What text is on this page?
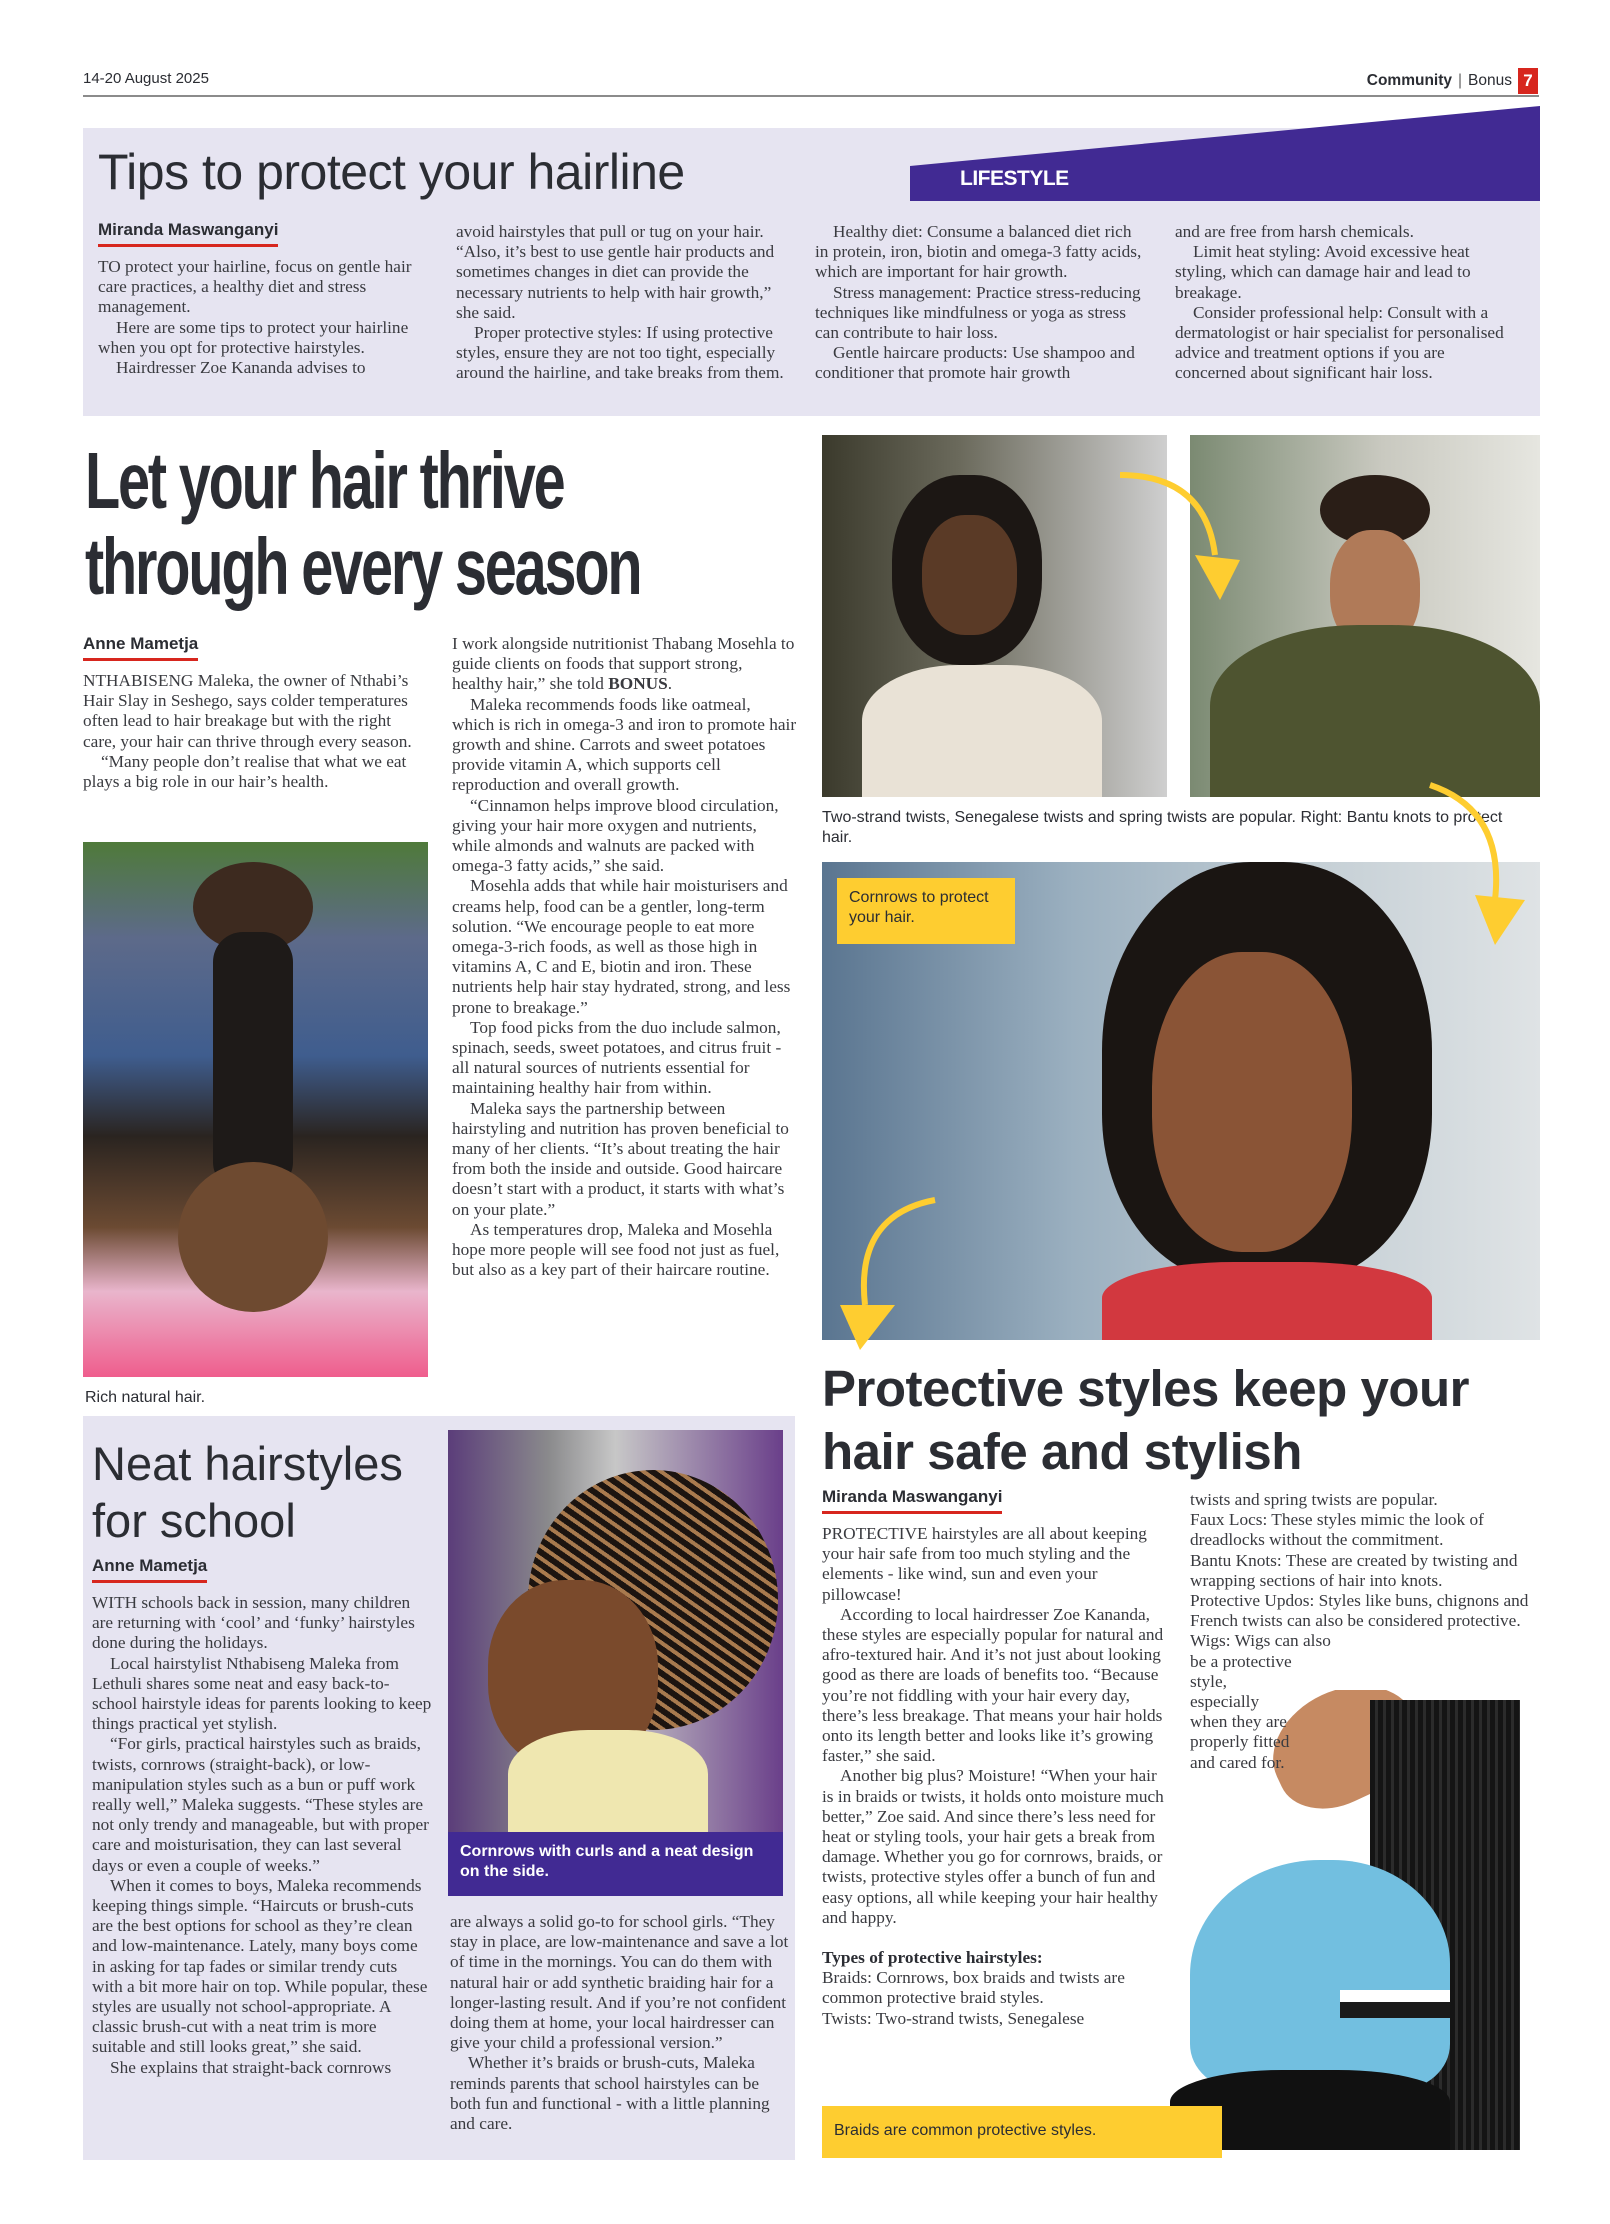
14-20 August 2025	Community | Bonus 7
LIFESTYLE
Tips to protect your hairline
Miranda Maswanganyi

TO protect your hairline, focus on gentle hair care practices, a healthy diet and stress management.

Here are some tips to protect your hairline when you opt for protective hairstyles.

Hairdresser Zoe Kananda advises to

avoid hairstyles that pull or tug on your hair. “Also, it’s best to use gentle hair products and sometimes changes in diet can provide the necessary nutrients to help with hair growth,” she said.

Proper protective styles: If using protective styles, ensure they are not too tight, especially around the hairline, and take breaks from them.

Healthy diet: Consume a balanced diet rich in protein, iron, biotin and omega-3 fatty acids, which are important for hair growth.

Stress management: Practice stress-reducing techniques like mindfulness or yoga as stress can contribute to hair loss.

Gentle haircare products: Use shampoo and conditioner that promote hair growth

and are free from harsh chemicals.

Limit heat styling: Avoid excessive heat styling, which can damage hair and lead to breakage.

Consider professional help: Consult with a dermatologist or hair specialist for personalised advice and treatment options if you are concerned about significant hair loss.

Let your hair thrive
through every season
Anne Mametja

NTHABISENG Maleka, the owner of Nthabi’s Hair Slay in Seshego, says colder temperatures often lead to hair breakage but with the right care, your hair can thrive through every season.

“Many people don’t realise that what we eat plays a big role in our hair’s health.

Rich natural hair.

I work alongside nutritionist Thabang Mosehla to guide clients on foods that support strong, healthy hair,” she told BONUS.

Maleka recommends foods like oatmeal, which is rich in omega-3 and iron to promote hair growth and shine. Carrots and sweet potatoes provide vitamin A, which supports cell reproduction and overall growth.

“Cinnamon helps improve blood circulation, giving your hair more oxygen and nutrients, while almonds and walnuts are packed with omega-3 fatty acids,” she said.

Mosehla adds that while hair moisturisers and creams help, food can be a gentler, long-term solution. “We encourage people to eat more omega-3-rich foods, as well as those high in vitamins A, C and E, biotin and iron. These nutrients help hair stay hydrated, strong, and less prone to breakage.”

Top food picks from the duo include salmon, spinach, seeds, sweet potatoes, and citrus fruit - all natural sources of nutrients essential for maintaining healthy hair from within.

Maleka says the partnership between hairstyling and nutrition has proven beneficial to many of her clients. “It’s about treating the hair from both the inside and outside. Good haircare doesn’t start with a product, it starts with what’s on your plate.”

As temperatures drop, Maleka and Mosehla hope more people will see food not just as fuel, but also as a key part of their haircare routine.

Two-strand twists, Senegalese twists and spring twists are popular. Right: Bantu knots to protect hair.
Cornrows to protect your hair.
Neat hairstyles
for school
Anne Mametja

WITH schools back in session, many children are returning with ‘cool’ and ‘funky’ hairstyles done during the holidays.

Local hairstylist Nthabiseng Maleka from Lethuli shares some neat and easy back-to-school hairstyle ideas for parents looking to keep things practical yet stylish.

“For girls, practical hairstyles such as braids, twists, cornrows (straight-back), or low-manipulation styles such as a bun or puff work really well,” Maleka suggests. “These styles are not only trendy and manageable, but with proper care and moisturisation, they can last several days or even a couple of weeks.”

When it comes to boys, Maleka recommends keeping things simple. “Haircuts or brush-cuts are the best options for school as they’re clean and low-maintenance. Lately, many boys come in asking for tap fades or similar trendy cuts with a bit more hair on top. While popular, these styles are usually not school-appropriate. A classic brush-cut with a neat trim is more suitable and still looks great,” she said.

She explains that straight-back cornrows

Cornrows with curls and a neat design on the side.

are always a solid go-to for school girls. “They stay in place, are low-maintenance and save a lot of time in the mornings. You can do them with natural hair or add synthetic braiding hair for a longer-lasting result. And if you’re not confident doing them at home, your local hairdresser can give your child a professional version.”

Whether it’s braids or brush-cuts, Maleka reminds parents that school hairstyles can be both fun and functional - with a little planning and care.

Protective styles keep your
hair safe and stylish
Miranda Maswanganyi

PROTECTIVE hairstyles are all about keeping your hair safe from too much styling and the elements - like wind, sun and even your pillowcase!

According to local hairdresser Zoe Kananda, these styles are especially popular for natural and afro-textured hair. And it’s not just about looking good as there are loads of benefits too. “Because you’re not fiddling with your hair every day, there’s less breakage. That means your hair holds onto its length better and looks like it’s growing faster,” she said.

Another big plus? Moisture! “When your hair is in braids or twists, it holds onto moisture much better,” Zoe said. And since there’s less need for heat or styling tools, your hair gets a break from damage. Whether you go for cornrows, braids, or twists, protective styles offer a bunch of fun and easy options, all while keeping your hair healthy and happy.

Types of protective hairstyles:

Braids: Cornrows, box braids and twists are common protective braid styles.

Twists: Two-strand twists, Senegalese

twists and spring twists are popular.

Faux Locs: These styles mimic the look of dreadlocks without the commitment.

Bantu Knots: These are created by twisting and wrapping sections of hair into knots.

Protective Updos: Styles like buns, chignons and French twists can also be considered protective.

Wigs: Wigs can also

be a protective

style,

especially

when they are

properly fitted

and cared for.

Braids are common protective styles.
